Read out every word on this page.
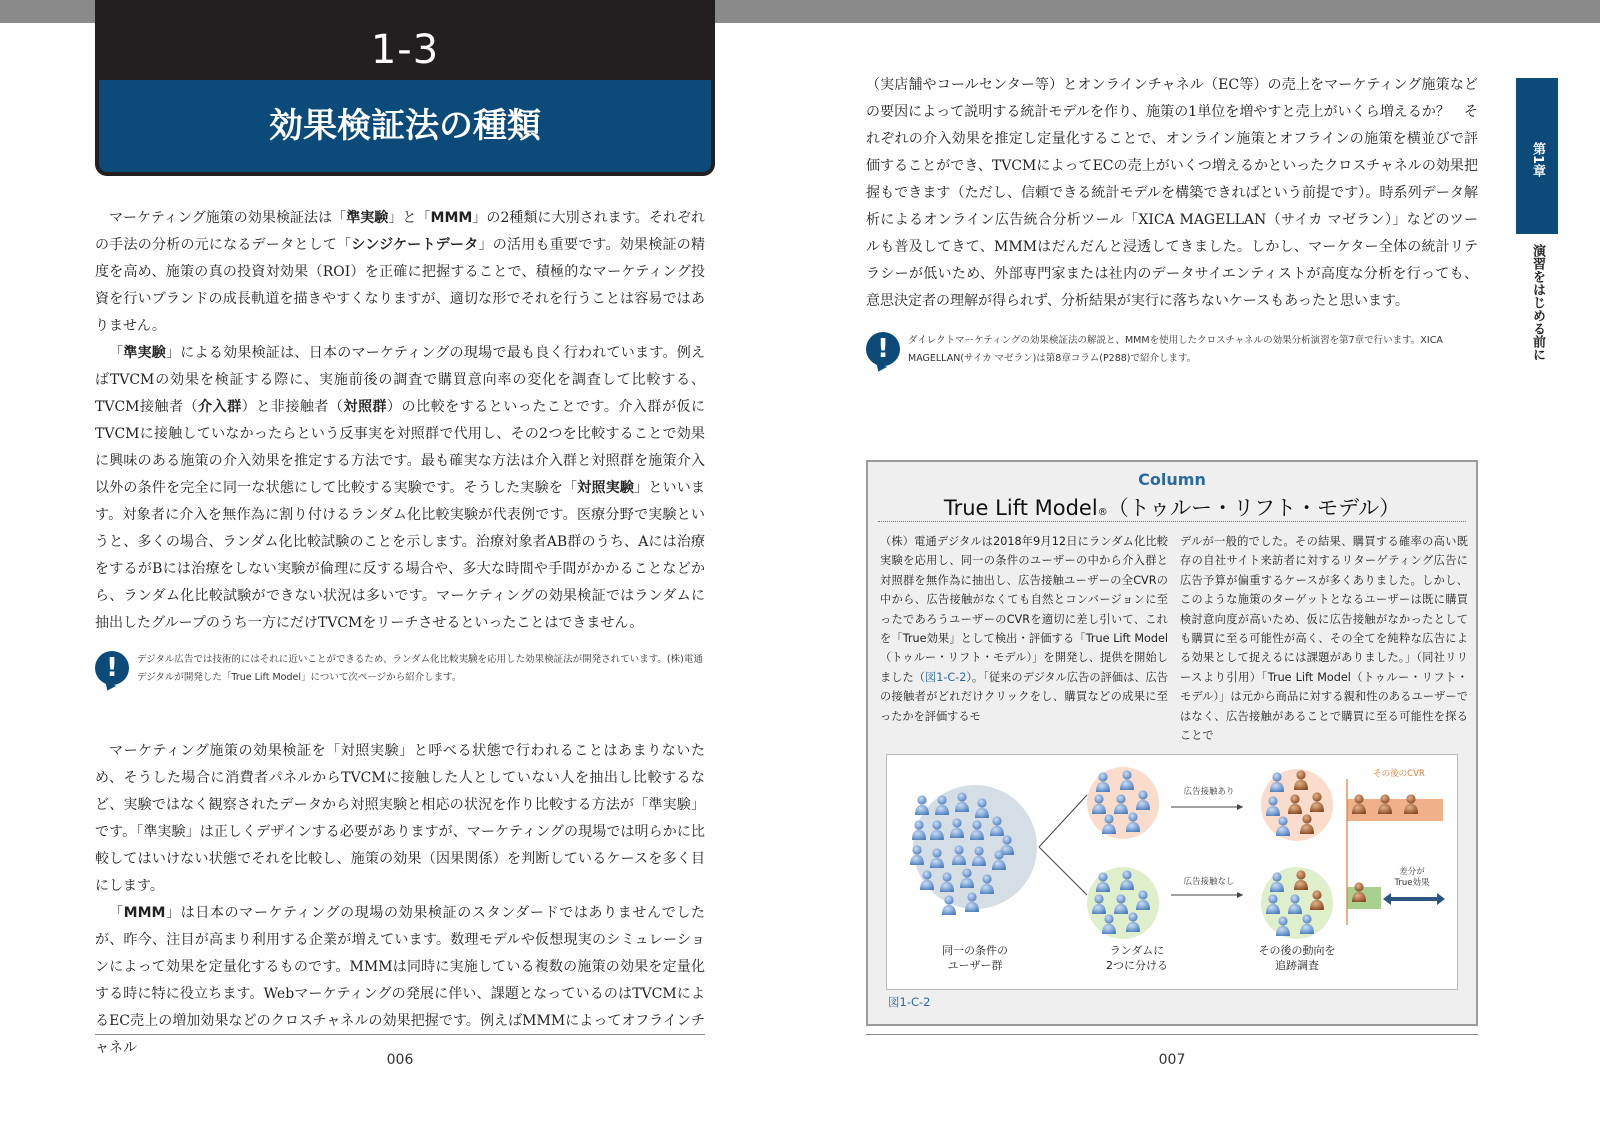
1-3
効果検証法の種類

マーケティング施策の効果検証法は「準実験」と「MMM」の2種類に大別されます。それぞれの手法の分析の元になるデータとして「シンジケートデータ」の活用も重要です。効果検証の精度を高め、施策の真の投資対効果（ROI）を正確に把握することで、積極的なマーケティング投資を行いブランドの成長軌道を描きやすくなりますが、適切な形でそれを行うことは容易ではありません。

「準実験」による効果検証は、日本のマーケティングの現場で最も良く行われています。例えばTVCMの効果を検証する際に、実施前後の調査で購買意向率の変化を調査して比較する、TVCM接触者（介入群）と非接触者（対照群）の比較をするといったことです。介入群が仮にTVCMに接触していなかったらという反事実を対照群で代用し、その2つを比較することで効果に興味のある施策の介入効果を推定する方法です。最も確実な方法は介入群と対照群を施策介入以外の条件を完全に同一な状態にして比較する実験です。そうした実験を「対照実験」といいます。対象者に介入を無作為に割り付けるランダム化比較実験が代表例です。医療分野で実験というと、多くの場合、ランダム化比較試験のことを示します。治療対象者AB群のうち、Aには治療をするがBには治療をしない実験が倫理に反する場合や、多大な時間や手間がかかることなどから、ランダム化比較試験ができない状況は多いです。マーケティングの効果検証ではランダムに抽出したグループのうち一方にだけTVCMをリーチさせるといったことはできません。

!	デジタル広告では技術的にはそれに近いことができるため、ランダム化比較実験を応用した効果検証法が開発されています。(株)電通デジタルが開発した「True Lift Model」について次ページから紹介します。

マーケティング施策の効果検証を「対照実験」と呼べる状態で行われることはあまりないため、そうした場合に消費者パネルからTVCMに接触した人としていない人を抽出し比較するなど、実験ではなく観察されたデータから対照実験と相応の状況を作り比較する方法が「準実験」です。「準実験」は正しくデザインする必要がありますが、マーケティングの現場では明らかに比較してはいけない状態でそれを比較し、施策の効果（因果関係）を判断しているケースを多く目にします。

「MMM」は日本のマーケティングの現場の効果検証のスタンダードではありませんでしたが、昨今、注目が高まり利用する企業が増えています。数理モデルや仮想現実のシミュレーションによって効果を定量化するものです。MMMは同時に実施している複数の施策の効果を定量化する時に特に役立ちます。Webマーケティングの発展に伴い、課題となっているのはTVCMによるEC売上の増加効果などのクロスチャネルの効果把握です。例えばMMMによってオフラインチャネル

006

（実店舗やコールセンター等）とオンラインチャネル（EC等）の売上をマーケティング施策などの要因によって説明する統計モデルを作り、施策の1単位を増やすと売上がいくら増えるか？　それぞれの介入効果を推定し定量化することで、オンライン施策とオフラインの施策を横並びで評価することができ、TVCMによってECの売上がいくつ増えるかといったクロスチャネルの効果把握もできます（ただし、信頼できる統計モデルを構築できればという前提です）。時系列データ解析によるオンライン広告統合分析ツール「XICA MAGELLAN（サイカ マゼラン）」などのツールも普及してきて、MMMはだんだんと浸透してきました。しかし、マーケター全体の統計リテラシーが低いため、外部専門家または社内のデータサイエンティストが高度な分析を行っても、意思決定者の理解が得られず、分析結果が実行に落ちないケースもあったと思います。

!	ダイレクトマーケティングの効果検証法の解説と、MMMを使用したクロスチャネルの効果分析演習を第7章で行います。XICA MAGELLAN(サイカ マゼラン)は第8章コラム(P288)で紹介します。
第1章
演習をはじめる前に
Column
True Lift Model®（トゥルー・リフト・モデル）
（株）電通デジタルは2018年9月12日にランダム化比較実験を応用し、同一の条件のユーザーの中から介入群と対照群を無作為に抽出し、広告接触ユーザーの全CVRの中から、広告接触がなくても自然とコンバージョンに至ったであろうユーザーのCVRを適切に差し引いて、これを「True効果」として検出・評価する「True Lift Model（トゥルー・リフト・モデル）」を開発し、提供を開始しました（図1-C-2）。「従来のデジタル広告の評価は、広告の接触者がどれだけクリックをし、購買などの成果に至ったかを評価するモ
デルが一般的でした。その結果、購買する確率の高い既存の自社サイト来訪者に対するリターゲティング広告に広告予算が偏重するケースが多くありました。しかし、このような施策のターゲットとなるユーザーは既に購買検討意向度が高いため、仮に広告接触がなかったとしても購買に至る可能性が高く、その全てを純粋な広告による効果として捉えるには課題がありました。」（同社リリースより引用）「True Lift Model（トゥルー・リフト・モデル）」は元から商品に対する親和性のあるユーザーではなく、広告接触があることで購買に至る可能性を探ることで
同一の条件の
ユーザー群
ランダムに
2つに分ける
その後の動向を
追跡調査
広告接触あり
広告接触なし
その後のCVR
差分が
True効果
図1-C-2
007
